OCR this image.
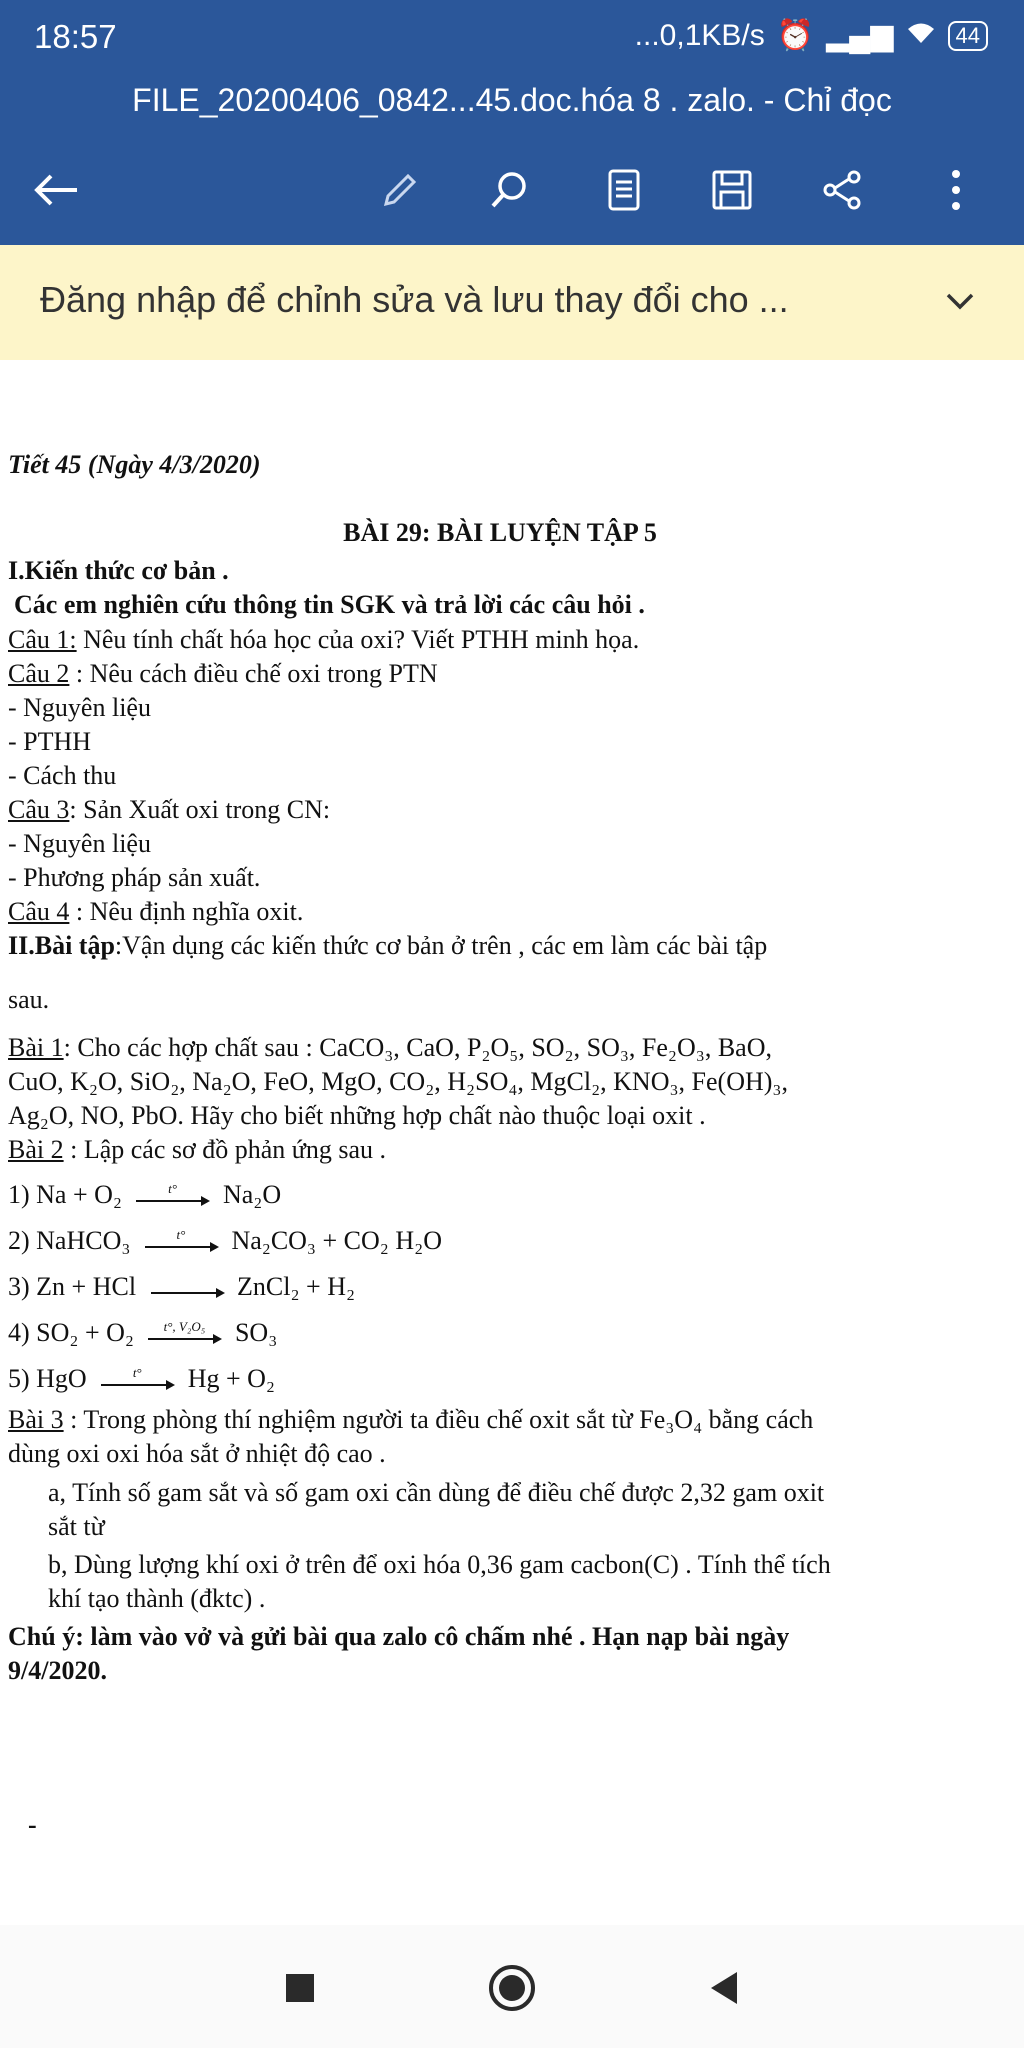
18:57	...0,1KB/s ⏰ ▂▄▆	44
FILE_20200406_0842...45.doc.hóa 8 . zalo. - Chỉ đọc
Đăng nhập để chỉnh sửa và lưu thay đổi cho ...
Tiết 45 (Ngày 4/3/2020)
BÀI 29: BÀI LUYỆN TẬP 5
I.Kiến thức cơ bản .
Các em nghiên cứu thông tin SGK và trả lời các câu hỏi .
Câu 1: Nêu tính chất hóa học của oxi? Viết PTHH minh họa.
Câu 2 : Nêu cách điều chế oxi trong PTN
- Nguyên liệu
- PTHH
- Cách thu
Câu 3: Sản Xuất oxi trong CN:
- Nguyên liệu
- Phương pháp sản xuất.
Câu 4 : Nêu định nghĩa oxit.
II.Bài tập:Vận dụng các kiến thức cơ bản ở trên , các em làm các bài tập
sau.
Bài 1: Cho các hợp chất sau : CaCO₃, CaO, P₂O₅, SO₂, SO₃, Fe₂O₃, BaO,
CuO, K₂O, SiO₂, Na₂O, FeO, MgO, CO₂, H₂SO₄, MgCl₂, KNO₃, Fe(OH)₃,
Ag₂O, NO, PbO. Hãy cho biết những hợp chất nào thuộc loại oxit .
Bài 2 : Lập các sơ đồ phản ứng sau .
1) Na + O₂	t°	Na₂O
2) NaHCO₃	t°	Na₂CO₃ + CO₂ H₂O
3) Zn + HCl	ZnCl₂ + H₂
4) SO₂ + O₂	t°, V₂O₅	SO₃
5) HgO	t°	Hg + O₂
Bài 3 : Trong phòng thí nghiệm người ta điều chế oxit sắt từ Fe₃O₄ bằng cách
dùng oxi oxi hóa sắt ở nhiệt độ cao .
a, Tính số gam sắt và số gam oxi cần dùng để điều chế được 2,32 gam oxit
sắt từ
b, Dùng lượng khí oxi ở trên để oxi hóa 0,36 gam cacbon(C) . Tính thể tích
khí tạo thành (đktc) .
Chú ý: làm vào vở và gửi bài qua zalo cô chấm nhé . Hạn nạp bài ngày
9/4/2020.
-
